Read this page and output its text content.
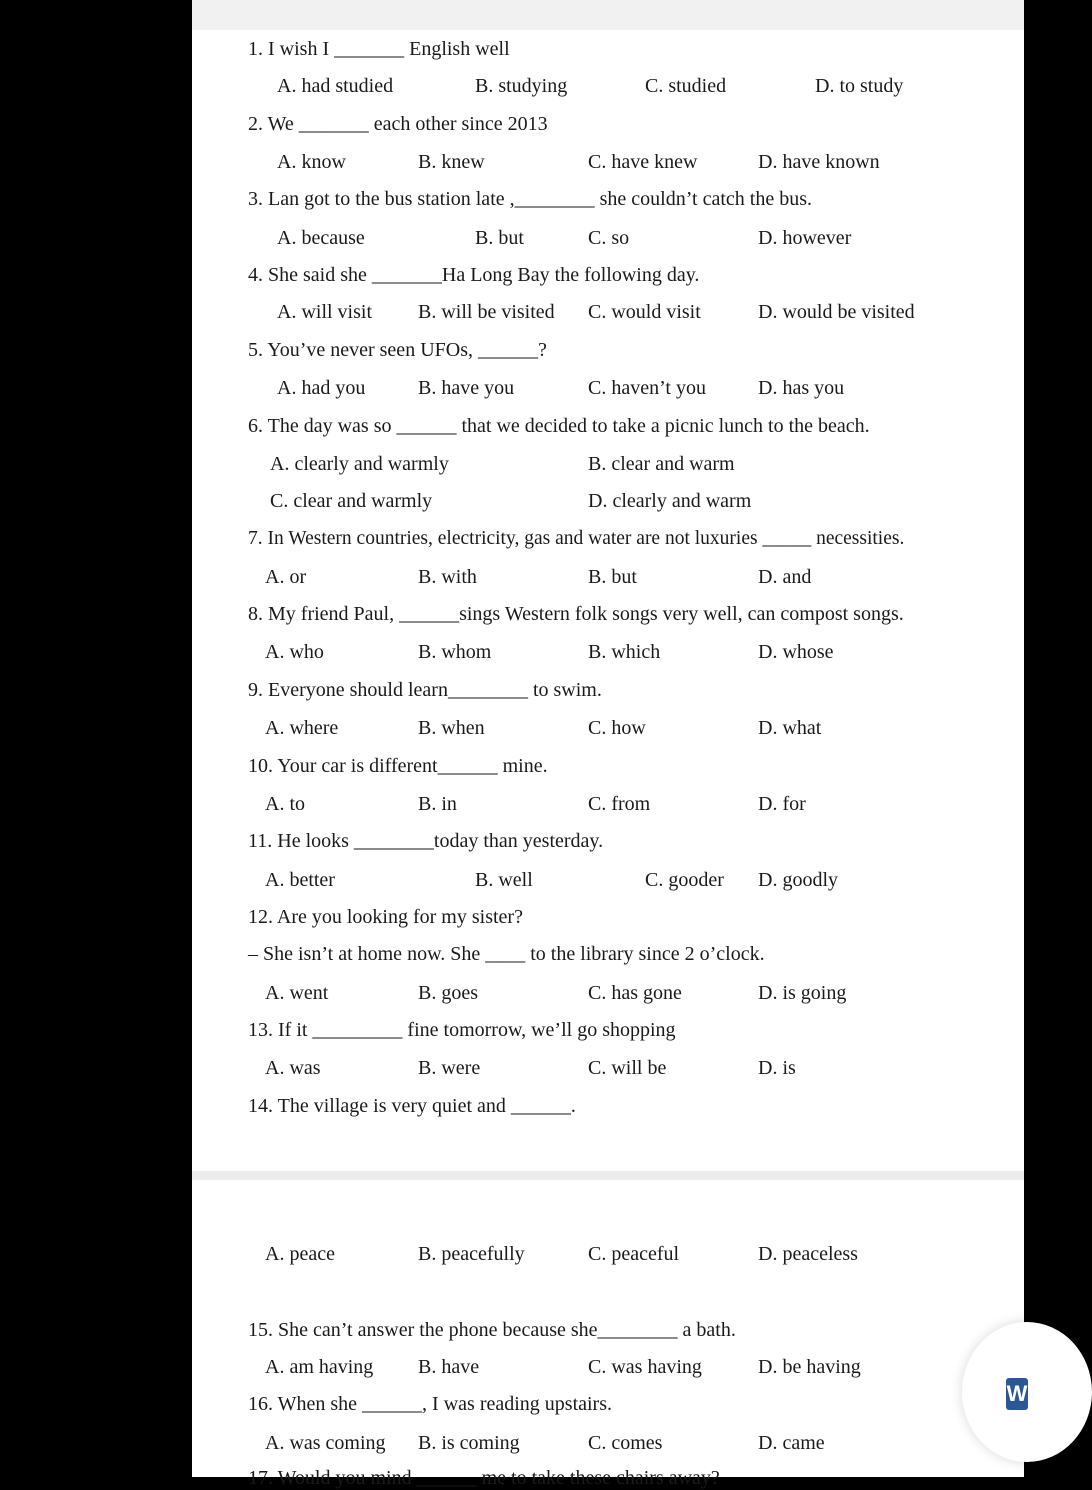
1. I wish I _______ English well
A. had studied	B. studying	C. studied	D. to study
2. We _______ each other since 2013
A. know	B. knew	C. have knew	D. have known
3. Lan got to the bus station late ,________ she couldn’t catch the bus.
A. because	B. but	C. so	D. however
4. She said she _______Ha Long Bay the following day.
A. will visit B. will be visited C. would visit	D. would be visited
5. You’ve never seen UFOs, ______?
A. had you	B. have you	C. haven’t you	D. has you
6. The day was so ______ that we decided to take a picnic lunch to the beach.
A. clearly and warmly	B. clear and warm
C. clear and warmly	D. clearly and warm
7. In Western countries, electricity, gas and water are not luxuries _____ necessities.
A. or	B. with	B. but	D. and
8. My friend Paul, ______sings Western folk songs very well, can compost songs.
A. who	B. whom	B. which	D. whose
9. Everyone should learn________ to swim.
A. where	B. when	C. how	D. what
10. Your car is different______ mine.
A. to	B. in	C. from	D. for
11. He looks ________today than yesterday.
A. better	B. well	C. gooder D. goodly
12. Are you looking for my sister?
– She isn’t at home now. She ____ to the library since 2 o’clock.
A. went	B. goes	C. has gone	D. is going
13. If it _________ fine tomorrow, we’ll go shopping
A. was	B. were	C. will be	D. is
14. The village is very quiet and ______.
A. peace	B. peacefully	C. peaceful	D. peaceless
15. She can’t answer the phone because she________ a bath.
A. am having B. have	C. was having	D. be having
16. When she ______, I was reading upstairs.
A. was coming B. is coming	C. comes	D. came
17. Would you mind ______ me to take these chairs away?
W
